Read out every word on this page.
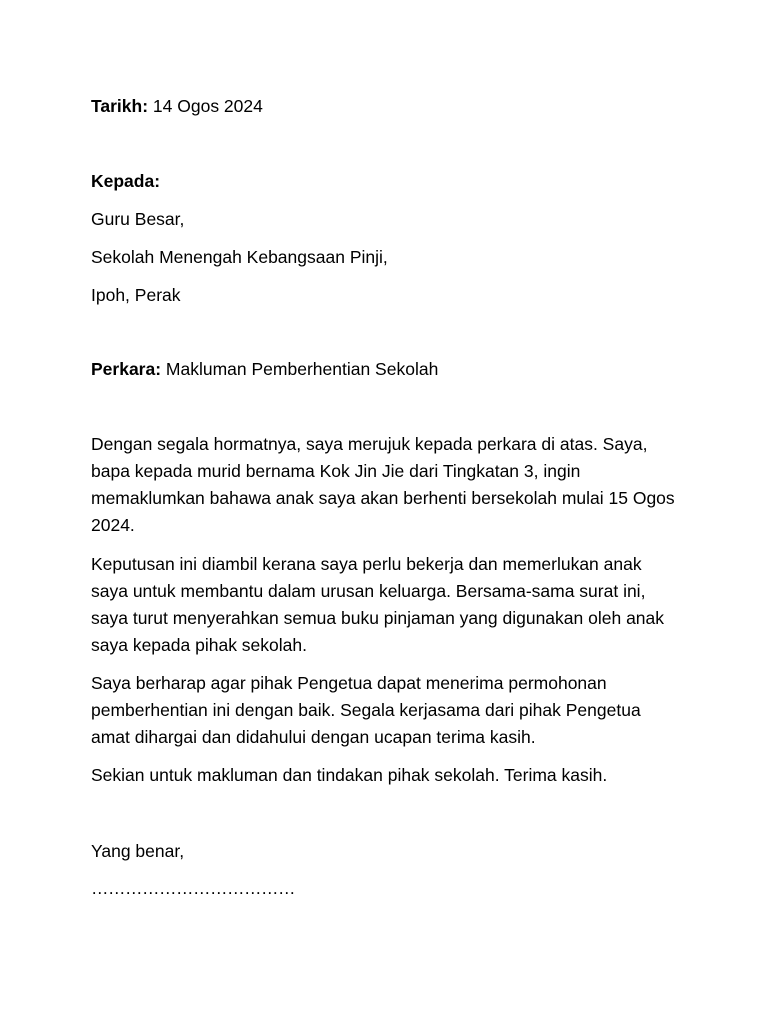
Tarikh: 14 Ogos 2024

Kepada:

Guru Besar,

Sekolah Menengah Kebangsaan Pinji,

Ipoh, Perak

Perkara: Makluman Pemberhentian Sekolah

Dengan segala hormatnya, saya merujuk kepada perkara di atas. Saya, bapa kepada murid bernama Kok Jin Jie dari Tingkatan 3, ingin memaklumkan bahawa anak saya akan berhenti bersekolah mulai 15 Ogos 2024.

Keputusan ini diambil kerana saya perlu bekerja dan memerlukan anak saya untuk membantu dalam urusan keluarga. Bersama-sama surat ini, saya turut menyerahkan semua buku pinjaman yang digunakan oleh anak saya kepada pihak sekolah.

Saya berharap agar pihak Pengetua dapat menerima permohonan pemberhentian ini dengan baik. Segala kerjasama dari pihak Pengetua amat dihargai dan didahului dengan ucapan terima kasih.

Sekian untuk makluman dan tindakan pihak sekolah. Terima kasih.

Yang benar,

………………………………
